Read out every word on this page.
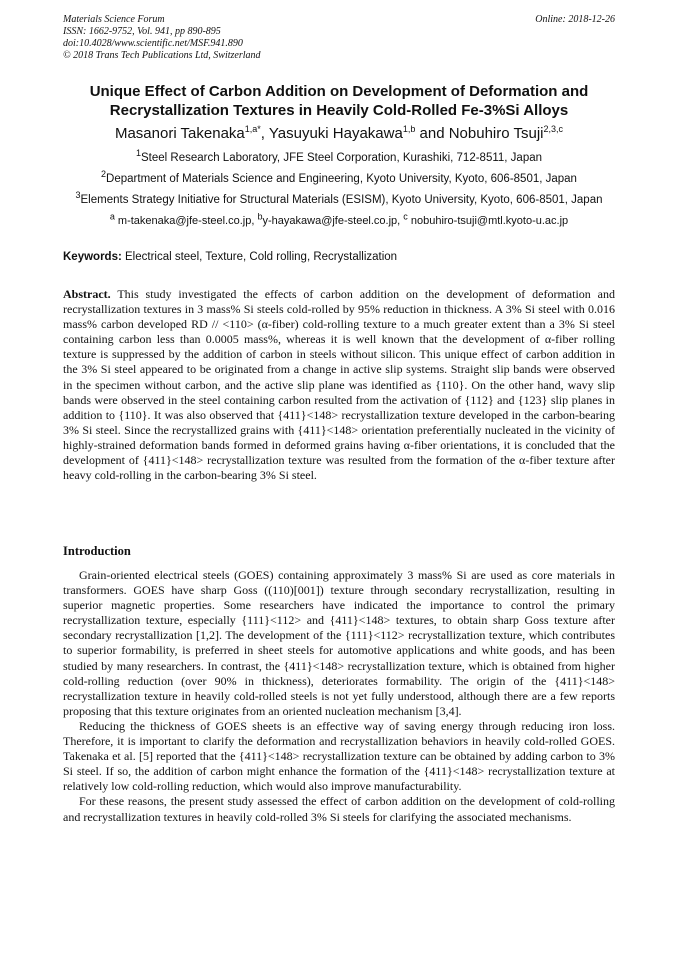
Materials Science Forum
ISSN: 1662-9752, Vol. 941, pp 890-895
doi:10.4028/www.scientific.net/MSF.941.890
© 2018 Trans Tech Publications Ltd, Switzerland
Online: 2018-12-26
Unique Effect of Carbon Addition on Development of Deformation and Recrystallization Textures in Heavily Cold-Rolled Fe-3%Si Alloys
Masanori Takenaka$^{1,a*}$, Yasuyuki Hayakawa$^{1,b}$ and Nobuhiro Tsuji$^{2,3,c}$
$^1$Steel Research Laboratory, JFE Steel Corporation, Kurashiki, 712-8511, Japan
$^2$Department of Materials Science and Engineering, Kyoto University, Kyoto, 606-8501, Japan
$^3$Elements Strategy Initiative for Structural Materials (ESISM), Kyoto University, Kyoto, 606-8501, Japan
$^a$ m-takenaka@jfe-steel.co.jp, $^b$y-hayakawa@jfe-steel.co.jp, $^c$ nobuhiro-tsuji@mtl.kyoto-u.ac.jp
Keywords: Electrical steel, Texture, Cold rolling, Recrystallization
Abstract. This study investigated the effects of carbon addition on the development of deformation and recrystallization textures in 3 mass% Si steels cold-rolled by 95% reduction in thickness. A 3% Si steel with 0.016 mass% carbon developed RD // <110> (α-fiber) cold-rolling texture to a much greater extent than a 3% Si steel containing carbon less than 0.0005 mass%, whereas it is well known that the development of α-fiber rolling texture is suppressed by the addition of carbon in steels without silicon. This unique effect of carbon addition in the 3% Si steel appeared to be originated from a change in active slip systems. Straight slip bands were observed in the specimen without carbon, and the active slip plane was identified as {110}. On the other hand, wavy slip bands were observed in the steel containing carbon resulted from the activation of {112} and {123} slip planes in addition to {110}. It was also observed that {411}<148> recrystallization texture developed in the carbon-bearing 3% Si steel. Since the recrystallized grains with {411}<148> orientation preferentially nucleated in the vicinity of highly-strained deformation bands formed in deformed grains having α-fiber orientations, it is concluded that the development of {411}<148> recrystallization texture was resulted from the formation of the α-fiber texture after heavy cold-rolling in the carbon-bearing 3% Si steel.
Introduction

Grain-oriented electrical steels (GOES) containing approximately 3 mass% Si are used as core materials in transformers. GOES have sharp Goss ((110)[001]) texture through secondary recrystallization, resulting in superior magnetic properties. Some researchers have indicated the importance to control the primary recrystallization texture, especially {111}<112> and {411}<148> textures, to obtain sharp Goss texture after secondary recrystallization [1,2]. The development of the {111}<112> recrystallization texture, which contributes to superior formability, is preferred in sheet steels for automotive applications and white goods, and has been studied by many researchers. In contrast, the {411}<148> recrystallization texture, which is obtained from higher cold-rolling reduction (over 90% in thickness), deteriorates formability. The origin of the {411}<148> recrystallization texture in heavily cold-rolled steels is not yet fully understood, although there are a few reports proposing that this texture originates from an oriented nucleation mechanism [3,4].

Reducing the thickness of GOES sheets is an effective way of saving energy through reducing iron loss. Therefore, it is important to clarify the deformation and recrystallization behaviors in heavily cold-rolled GOES. Takenaka et al. [5] reported that the {411}<148> recrystallization texture can be obtained by adding carbon to 3% Si steel. If so, the addition of carbon might enhance the formation of the {411}<148> recrystallization texture at relatively low cold-rolling reduction, which would also improve manufacturability.

For these reasons, the present study assessed the effect of carbon addition on the development of cold-rolling and recrystallization textures in heavily cold-rolled 3% Si steels for clarifying the associated mechanisms.
